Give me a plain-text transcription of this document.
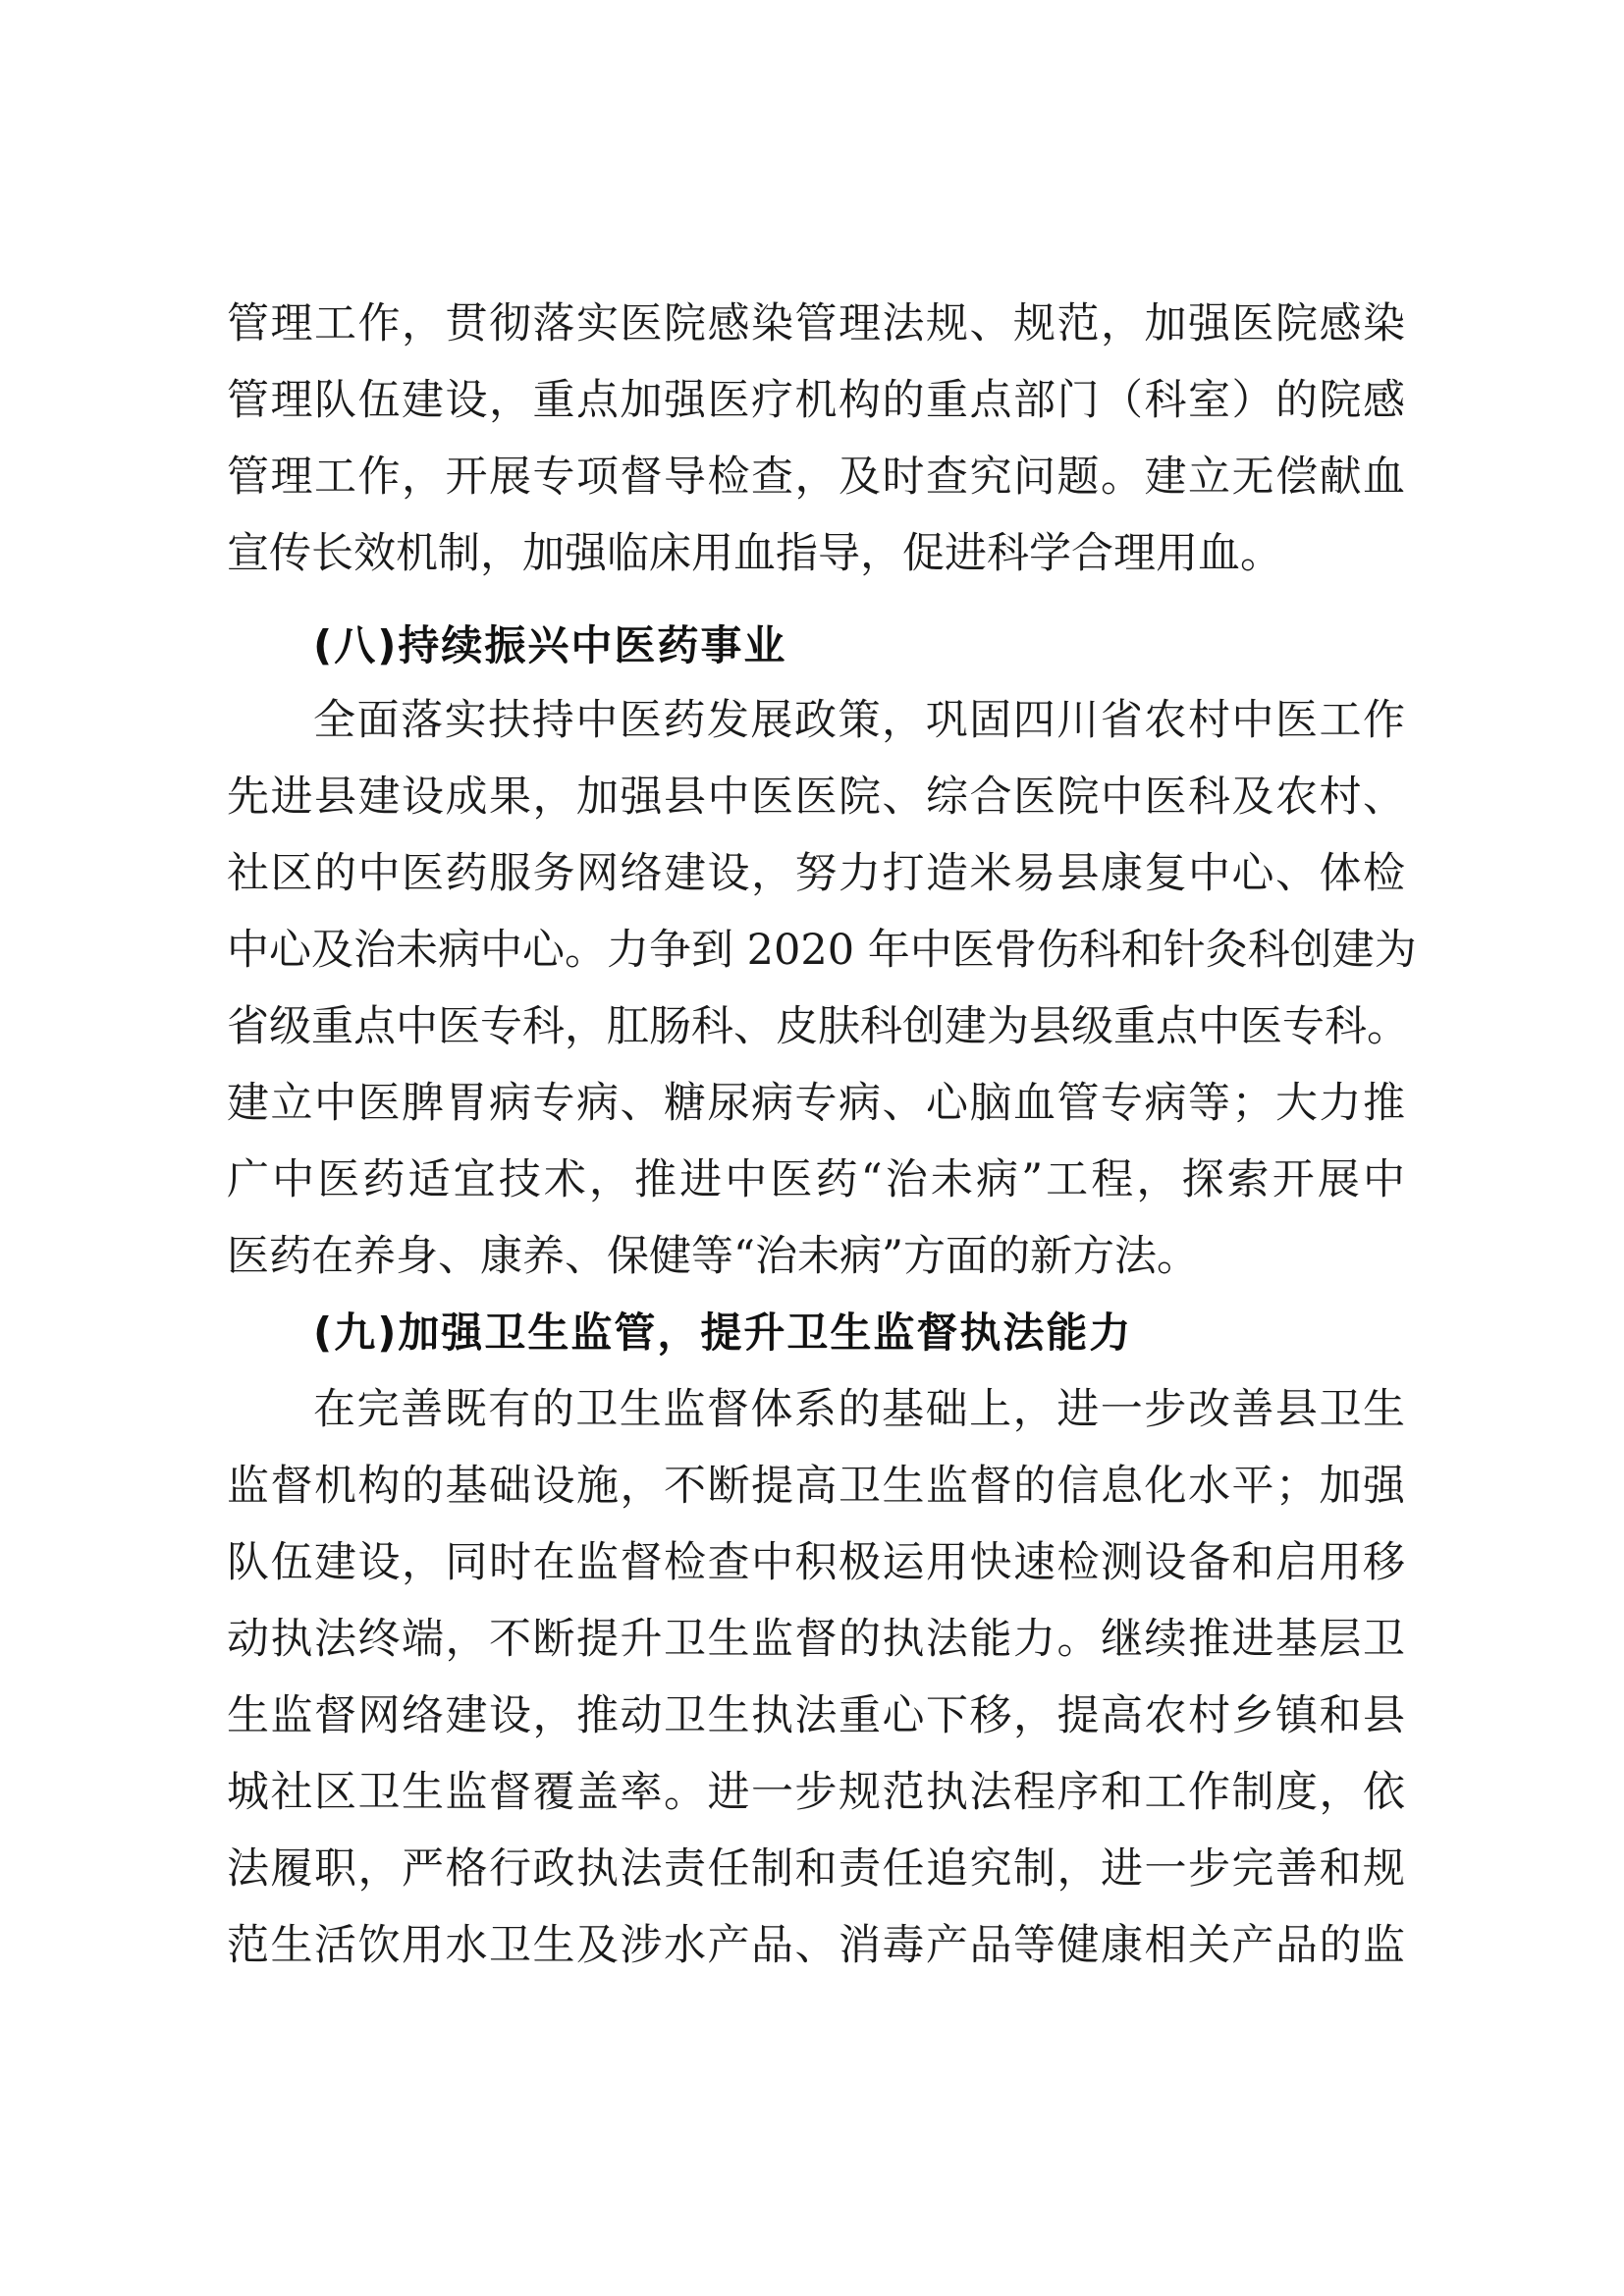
管理工作，贯彻落实医院感染管理法规、规范，加强医院感染

管理队伍建设，重点加强医疗机构的重点部门（科室）的院感

管理工作，开展专项督导检查，及时查究问题。建立无偿献血

宣传长效机制，加强临床用血指导，促进科学合理用血。

(八)持续振兴中医药事业

全面落实扶持中医药发展政策，巩固四川省农村中医工作

先进县建设成果，加强县中医医院、综合医院中医科及农村、

社区的中医药服务网络建设，努力打造米易县康复中心、体检

中心及治未病中心。力争到 2020 年中医骨伤科和针灸科创建为

省级重点中医专科，肛肠科、皮肤科创建为县级重点中医专科。

建立中医脾胃病专病、糖尿病专病、心脑血管专病等；大力推

广中医药适宜技术，推进中医药“治未病”工程，探索开展中

医药在养身、康养、保健等“治未病”方面的新方法。

(九)加强卫生监管，提升卫生监督执法能力

在完善既有的卫生监督体系的基础上，进一步改善县卫生

监督机构的基础设施，不断提高卫生监督的信息化水平；加强

队伍建设，同时在监督检查中积极运用快速检测设备和启用移

动执法终端，不断提升卫生监督的执法能力。继续推进基层卫

生监督网络建设，推动卫生执法重心下移，提高农村乡镇和县

城社区卫生监督覆盖率。进一步规范执法程序和工作制度，依

法履职，严格行政执法责任制和责任追究制，进一步完善和规

范生活饮用水卫生及涉水产品、消毒产品等健康相关产品的监
